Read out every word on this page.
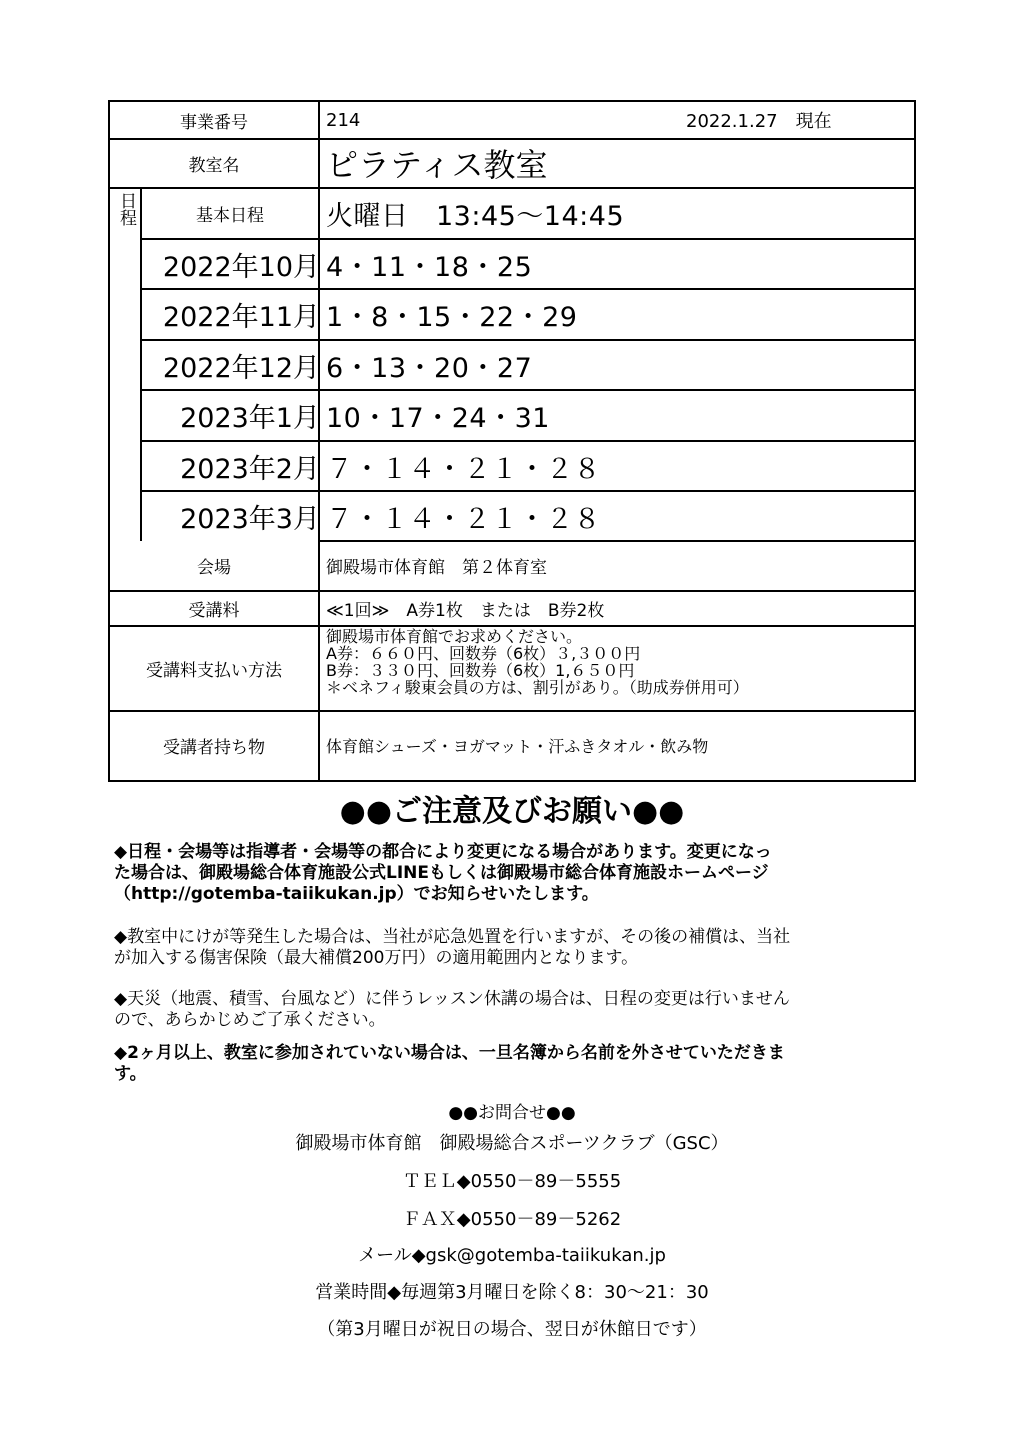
事業番号	214	2022.1.27　現在
教室名	ピラティス教室
日程	基本日程	火曜日　13:45～14:45
2022年10月 4・11・18・25
2022年11月 1・8・15・22・29
2022年12月 6・13・20・27
2023年1月 10・17・24・31
2023年2月 ７・１４・２１・２８
2023年3月 ７・１４・２１・２８
会場	御殿場市体育館　第２体育室
受講料	≪1回≫　A券1枚　または　B券2枚
受講料支払い方法
御殿場市体育館でお求めください。
A券：６６０円、回数券（6枚）３,３００円
B券：３３０円、回数券（6枚）1,６５０円
＊ベネフィ駿東会員の方は、割引があり。（助成券併用可）
受講者持ち物	体育館シューズ・ヨガマット・汗ふきタオル・飲み物
●●ご注意及びお願い●●
◆日程・会場等は指導者・会場等の都合により変更になる場合があります。変更になっ
た場合は、御殿場総合体育施設公式LINEもしくは御殿場市総合体育施設ホームページ
（http://gotemba-taiikukan.jp）でお知らせいたします。
◆教室中にけが等発生した場合は、当社が応急処置を行いますが、その後の補償は、当社
が加入する傷害保険（最大補償200万円）の適用範囲内となります。
◆天災（地震、積雪、台風など）に伴うレッスン休講の場合は、日程の変更は行いません
ので、あらかじめご了承ください。
◆2ヶ月以上、教室に参加されていない場合は、一旦名簿から名前を外させていただきま
す。
●●お問合せ●●
御殿場市体育館　御殿場総合スポーツクラブ（GSC）
ＴＥＬ◆0550－89－5555
ＦＡＸ◆0550－89－5262
メール◆gsk@gotemba-taiikukan.jp
営業時間◆毎週第3月曜日を除く8：30～21：30
（第3月曜日が祝日の場合、翌日が休館日です）
